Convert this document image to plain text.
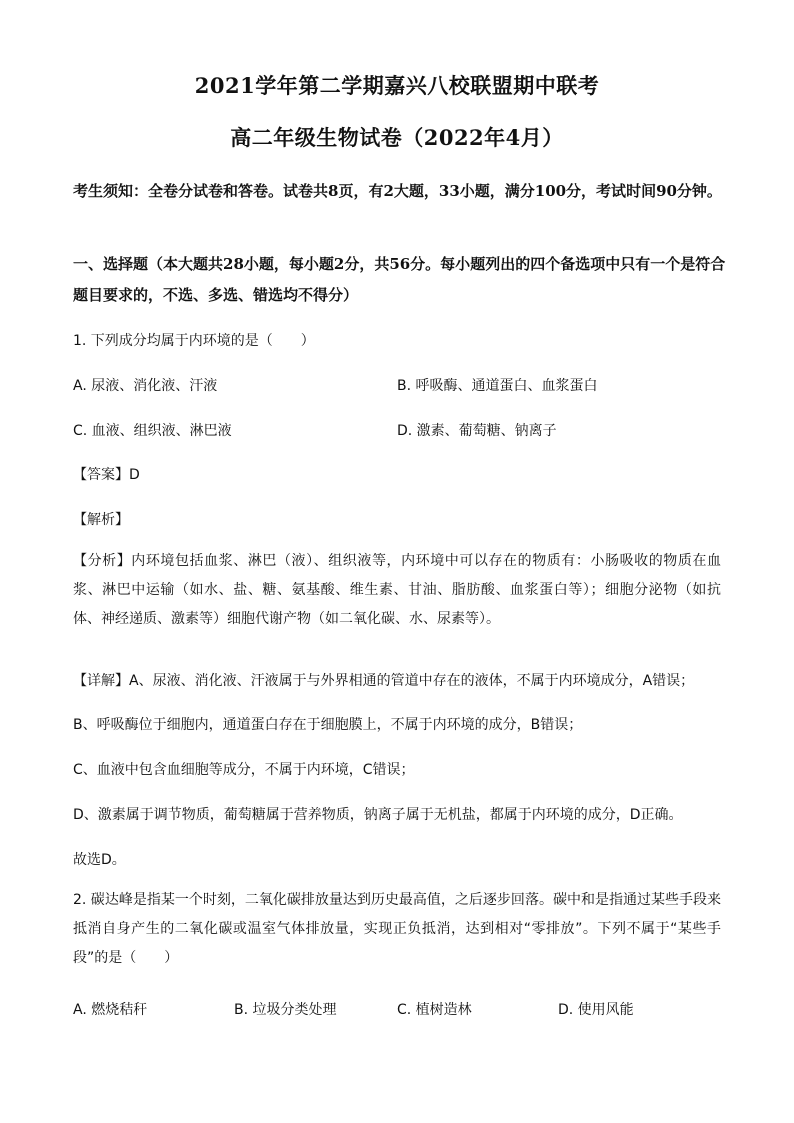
2021学年第二学期嘉兴八校联盟期中联考
高二年级生物试卷（2022年4月）
考生须知：全卷分试卷和答卷。试卷共8页，有2大题，33小题，满分100分，考试时间90分钟。
一、选择题（本大题共28小题，每小题2分，共56分。每小题列出的四个备选项中只有一个是符合题目要求的，不选、多选、错选均不得分）
1. 下列成分均属于内环境的是（　　）
A. 尿液、消化液、汗液	B. 呼吸酶、通道蛋白、血浆蛋白
C. 血液、组织液、淋巴液	D. 激素、葡萄糖、钠离子
【答案】D
【解析】
【分析】内环境包括血浆、淋巴（液）、组织液等，内环境中可以存在的物质有：小肠吸收的物质在血浆、淋巴中运输（如水、盐、糖、氨基酸、维生素、甘油、脂肪酸、血浆蛋白等）；细胞分泌物（如抗体、神经递质、激素等）细胞代谢产物（如二氧化碳、水、尿素等）。
【详解】A、尿液、消化液、汗液属于与外界相通的管道中存在的液体，不属于内环境成分，A错误；
B、呼吸酶位于细胞内，通道蛋白存在于细胞膜上，不属于内环境的成分，B错误；
C、血液中包含血细胞等成分，不属于内环境，C错误；
D、激素属于调节物质，葡萄糖属于营养物质，钠离子属于无机盐，都属于内环境的成分，D正确。
故选D。
2. 碳达峰是指某一个时刻，二氧化碳排放量达到历史最高值，之后逐步回落。碳中和是指通过某些手段来抵消自身产生的二氧化碳或温室气体排放量，实现正负抵消，达到相对“零排放”。下列不属于“某些手段”的是（　　）
A. 燃烧秸秆	B. 垃圾分类处理	C. 植树造林	D. 使用风能
